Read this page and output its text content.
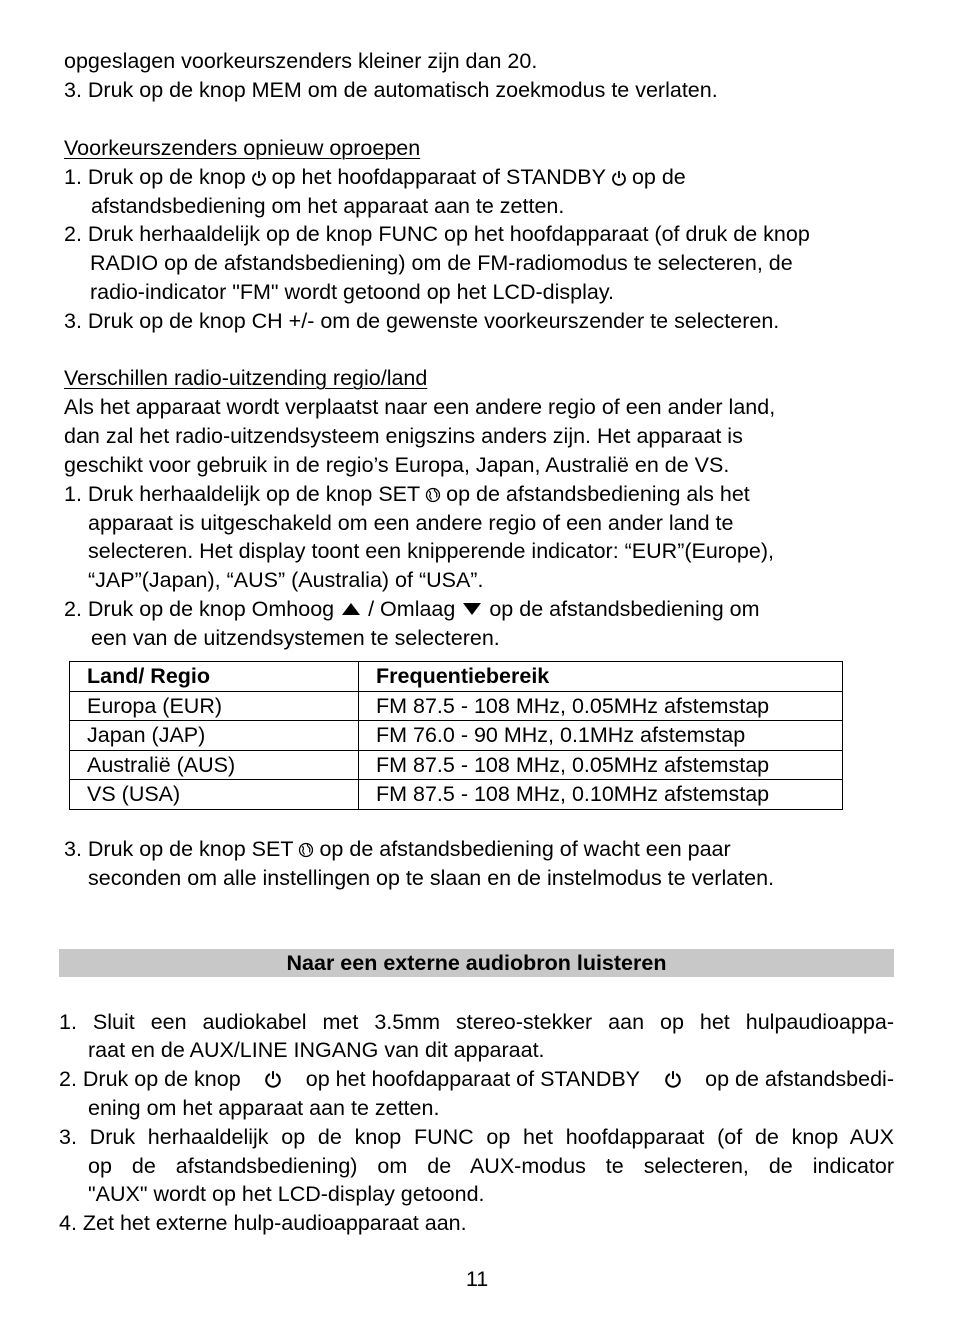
opgeslagen voorkeurszenders kleiner zijn dan 20.
3. Druk op de knop MEM om de automatisch zoekmodus te verlaten.
Voorkeurszenders opnieuw oproepen
1. Druk op de knop op het hoofdapparaat of STANDBY op de
afstandsbediening om het apparaat aan te zetten.
2. Druk herhaaldelijk op de knop FUNC op het hoofdapparaat (of druk de knop
RADIO op de afstandsbediening) om de FM-radiomodus te selecteren, de
radio-indicator "FM" wordt getoond op het LCD-display.
3. Druk op de knop CH +/- om de gewenste voorkeurszender te selecteren.
Verschillen radio-uitzending regio/land
Als het apparaat wordt verplaatst naar een andere regio of een ander land,
dan zal het radio-uitzendsysteem enigszins anders zijn. Het apparaat is
geschikt voor gebruik in de regio’s Europa, Japan, Australië en de VS.
1. Druk herhaaldelijk op de knop SET op de afstandsbediening als het
apparaat is uitgeschakeld om een andere regio of een ander land te
selecteren. Het display toont een knipperende indicator: “EUR”(Europe),
“JAP”(Japan), “AUS” (Australia) of “USA”.
2. Druk op de knop Omhoog / Omlaag op de afstandsbediening om
een van de uitzendsystemen te selecteren.
Land/ Regio	Frequentiebereik
Europa (EUR)	FM 87.5 - 108 MHz, 0.05MHz afstemstap
Japan (JAP)	FM 76.0 - 90 MHz, 0.1MHz afstemstap
Australië (AUS)	FM 87.5 - 108 MHz, 0.05MHz afstemstap
VS (USA)	FM 87.5 - 108 MHz, 0.10MHz afstemstap
3. Druk op de knop SET op de afstandsbediening of wacht een paar
seconden om alle instellingen op te slaan en de instelmodus te verlaten.
Naar een externe audiobron luisteren
1. Sluit een audiokabel met 3.5mm stereo-stekker aan op het hulpaudioappa-
raat en de AUX/LINE INGANG van dit apparaat.
2. Druk op de knop	op het hoofdapparaat of STANDBY	op de afstandsbedi-
ening om het apparaat aan te zetten.
3. Druk herhaaldelijk op de knop FUNC op het hoofdapparaat (of de knop AUX
op de afstandsbediening) om de AUX-modus te selecteren, de indicator
"AUX" wordt op het LCD-display getoond.
4. Zet het externe hulp-audioapparaat aan.
11
